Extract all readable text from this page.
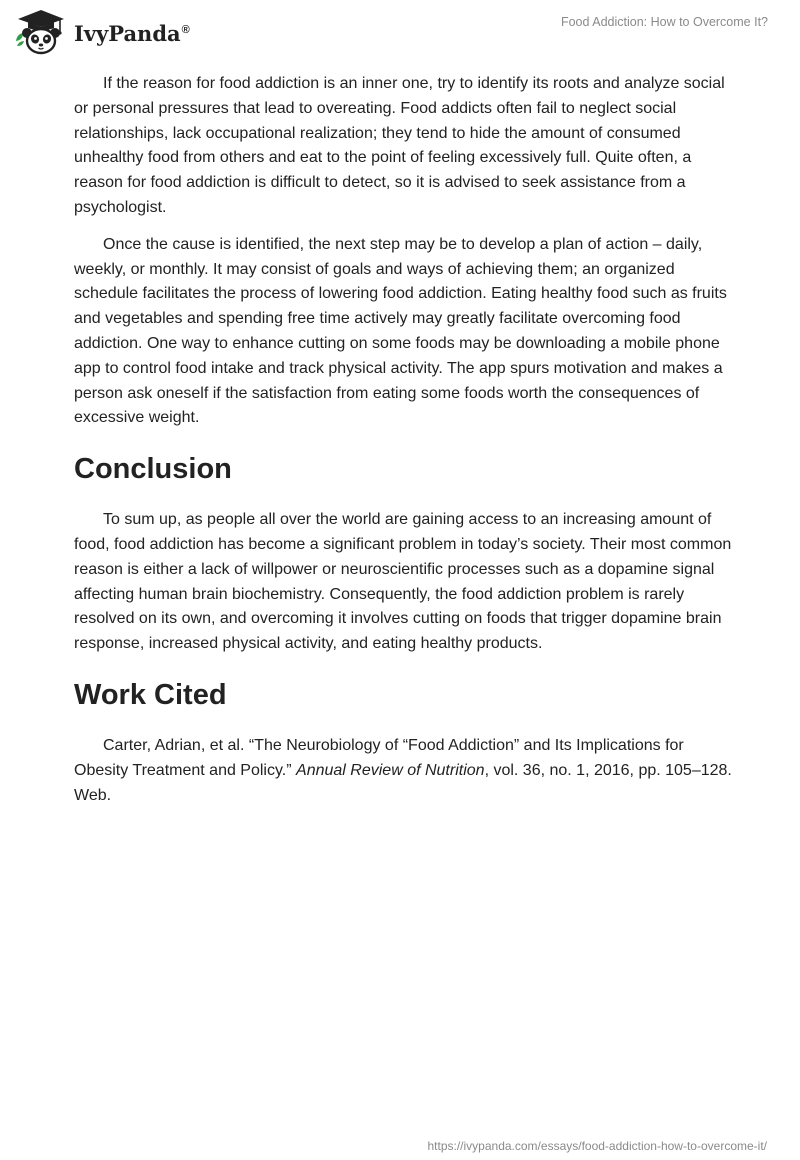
IvyPanda®
Food Addiction: How to Overcome It?

If the reason for food addiction is an inner one, try to identify its roots and analyze social or personal pressures that lead to overeating. Food addicts often fail to neglect social relationships, lack occupational realization; they tend to hide the amount of consumed unhealthy food from others and eat to the point of feeling excessively full. Quite often, a reason for food addiction is difficult to detect, so it is advised to seek assistance from a psychologist.

Once the cause is identified, the next step may be to develop a plan of action – daily, weekly, or monthly. It may consist of goals and ways of achieving them; an organized schedule facilitates the process of lowering food addiction. Eating healthy food such as fruits and vegetables and spending free time actively may greatly facilitate overcoming food addiction. One way to enhance cutting on some foods may be downloading a mobile phone app to control food intake and track physical activity. The app spurs motivation and makes a person ask oneself if the satisfaction from eating some foods worth the consequences of excessive weight.

Conclusion

To sum up, as people all over the world are gaining access to an increasing amount of food, food addiction has become a significant problem in today’s society. Their most common reason is either a lack of willpower or neuroscientific processes such as a dopamine signal affecting human brain biochemistry. Consequently, the food addiction problem is rarely resolved on its own, and overcoming it involves cutting on foods that trigger dopamine brain response, increased physical activity, and eating healthy products.

Work Cited

Carter, Adrian, et al. “The Neurobiology of “Food Addiction” and Its Implications for Obesity Treatment and Policy.” Annual Review of Nutrition, vol. 36, no. 1, 2016, pp. 105–128. Web.

https://ivypanda.com/essays/food-addiction-how-to-overcome-it/
